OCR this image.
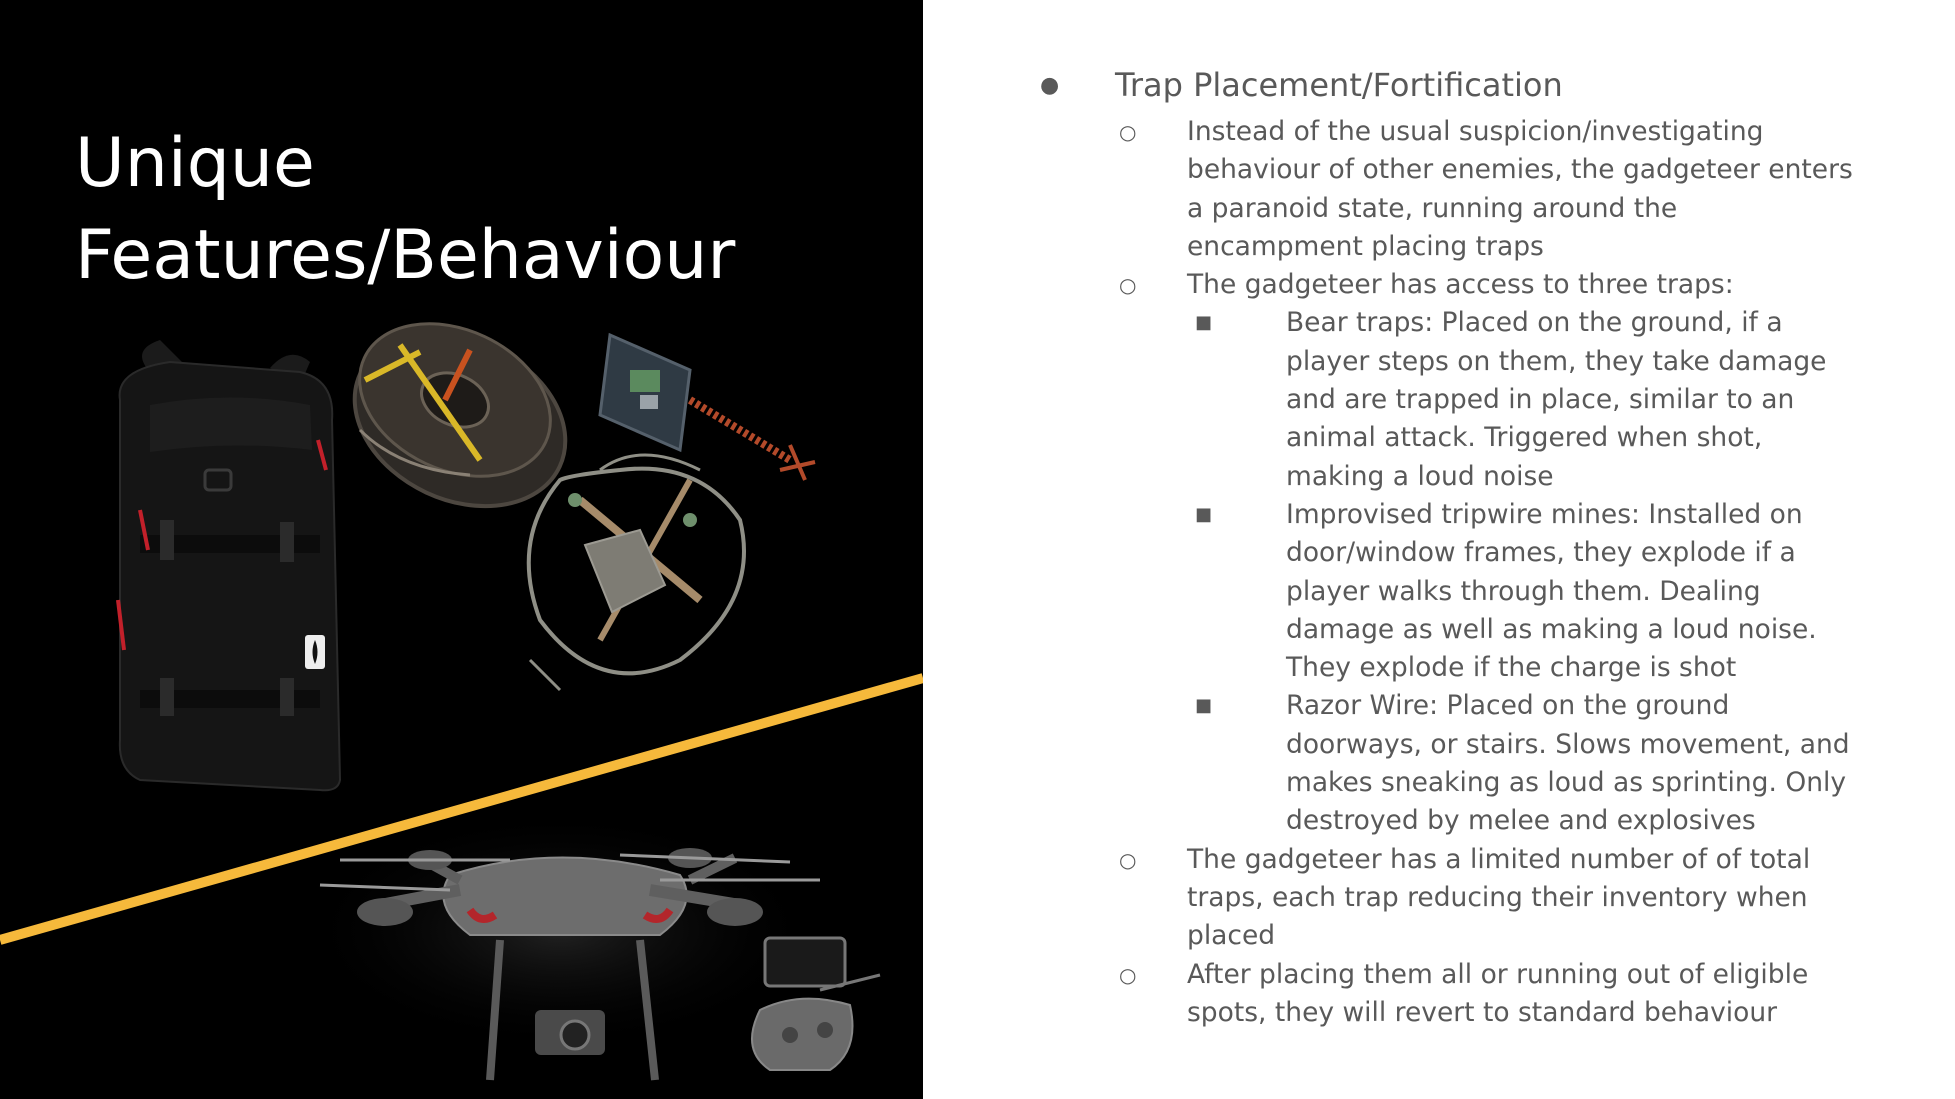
Unique
Features/Behaviour
● Trap Placement/Fortification
○ Instead of the usual suspicion/investigating
behaviour of other enemies, the gadgeteer enters
a paranoid state, running around the
encampment placing traps
○ The gadgeteer has access to three traps:
■	Bear traps: Placed on the ground, if a
player steps on them, they take damage
and are trapped in place, similar to an
animal attack. Triggered when shot,
making a loud noise
■	Improvised tripwire mines: Installed on
door/window frames, they explode if a
player walks through them. Dealing
damage as well as making a loud noise.
They explode if the charge is shot
■	Razor Wire: Placed on the ground
doorways, or stairs. Slows movement, and
makes sneaking as loud as sprinting. Only
destroyed by melee and explosives
○ The gadgeteer has a limited number of of total
traps, each trap reducing their inventory when
placed
○ After placing them all or running out of eligible
spots, they will revert to standard behaviour
